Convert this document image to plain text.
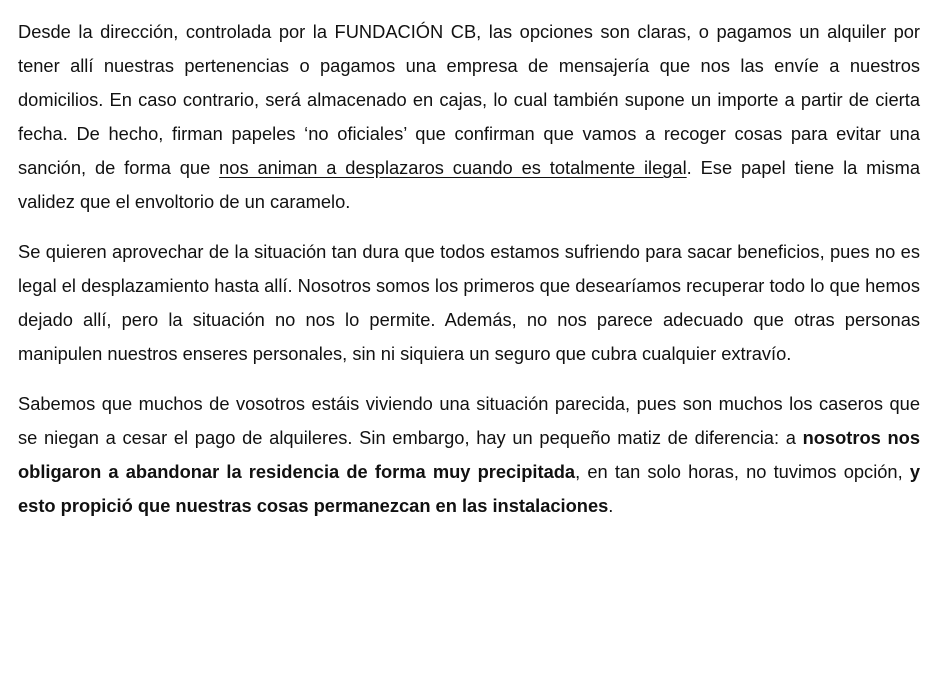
Desde la dirección, controlada por la FUNDACIÓN CB, las opciones son claras, o pagamos un alquiler por tener allí nuestras pertenencias o pagamos una empresa de mensajería que nos las envíe a nuestros domicilios. En caso contrario, será almacenado en cajas, lo cual también supone un importe a partir de cierta fecha. De hecho, firman papeles ‘no oficiales’ que confirman que vamos a recoger cosas para evitar una sanción, de forma que nos animan a desplazaros cuando es totalmente ilegal. Ese papel tiene la misma validez que el envoltorio de un caramelo.

Se quieren aprovechar de la situación tan dura que todos estamos sufriendo para sacar beneficios, pues no es legal el desplazamiento hasta allí. Nosotros somos los primeros que desearíamos recuperar todo lo que hemos dejado allí, pero la situación no nos lo permite. Además, no nos parece adecuado que otras personas manipulen nuestros enseres personales, sin ni siquiera un seguro que cubra cualquier extravío.

Sabemos que muchos de vosotros estáis viviendo una situación parecida, pues son muchos los caseros que se niegan a cesar el pago de alquileres. Sin embargo, hay un pequeño matiz de diferencia: a nosotros nos obligaron a abandonar la residencia de forma muy precipitada, en tan solo horas, no tuvimos opción, y esto propició que nuestras cosas permanezcan en las instalaciones.
